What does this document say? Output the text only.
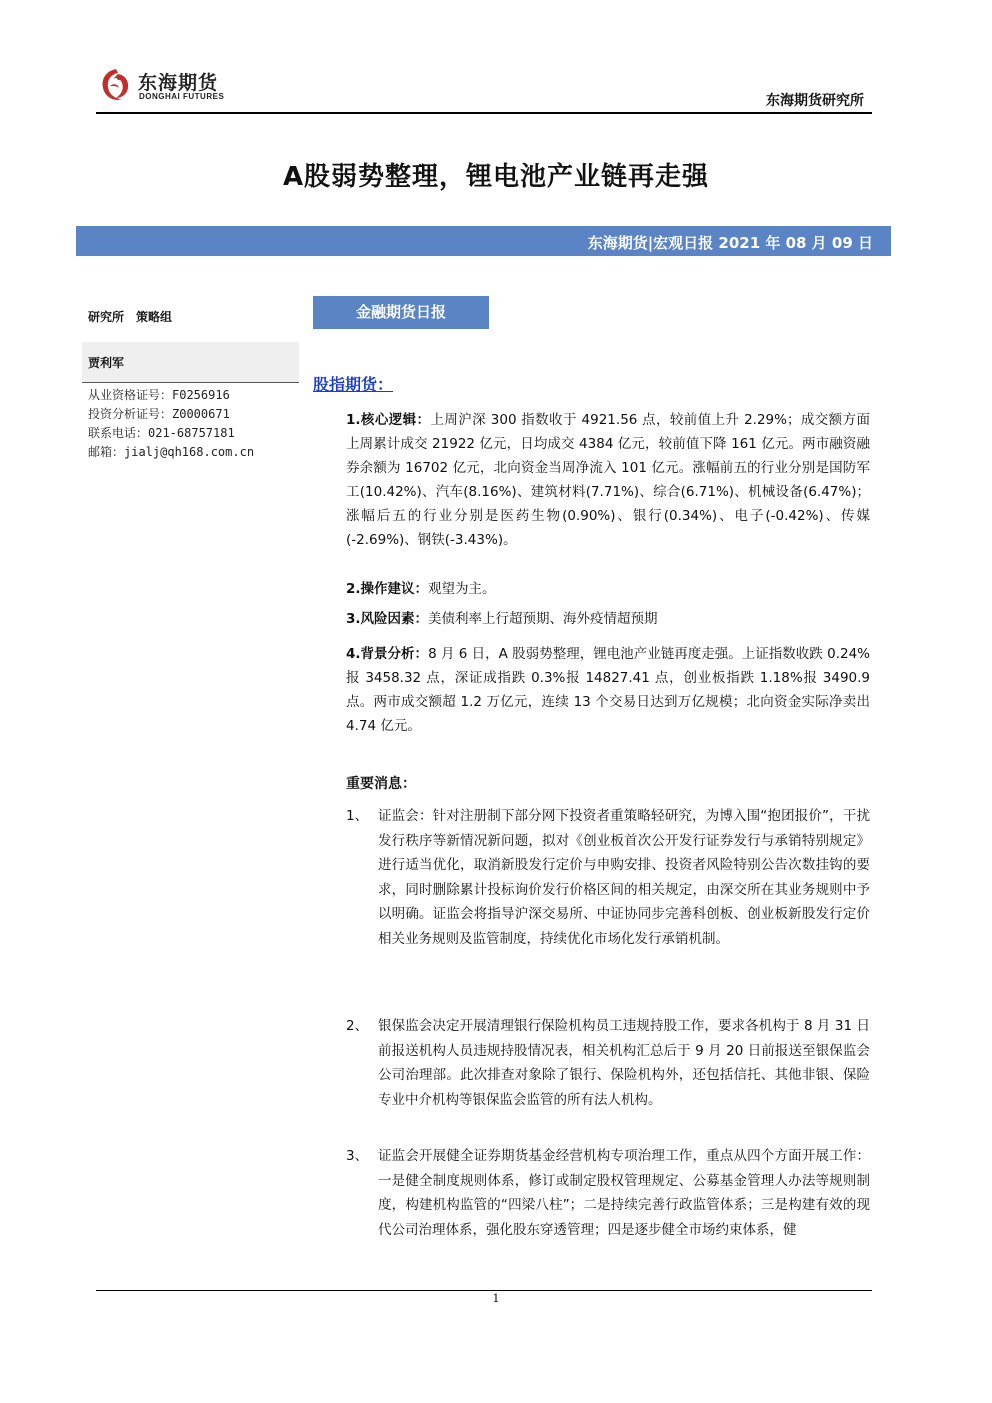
东海期货
DONGHAI FUTURES	东海期货研究所
A股弱势整理，锂电池产业链再走强
东海期货|宏观日报 2021 年 08 月 09 日
研究所　策略组
贾利军
从业资格证号：F0256916
投资分析证号：Z0000671
联系电话：021-68757181
邮箱：jialj@qh168.com.cn
金融期货日报
股指期货：
1.核心逻辑：上周沪深 300 指数收于 4921.56 点，较前值上升 2.29%；成交额方面上周累计成交 21922 亿元，日均成交 4384 亿元，较前值下降 161 亿元。两市融资融券余额为 16702 亿元，北向资金当周净流入 101 亿元。涨幅前五的行业分别是国防军工(10.42%)、汽车(8.16%)、建筑材料(7.71%)、综合(6.71%)、机械设备(6.47%)；涨幅后五的行业分别是医药生物(0.90%)、银行(0.34%)、电子(-0.42%)、传媒(-2.69%)、钢铁(-3.43%)。
2.操作建议：观望为主。
3.风险因素：美债利率上行超预期、海外疫情超预期
4.背景分析：8 月 6 日，A 股弱势整理，锂电池产业链再度走强。上证指数收跌 0.24%报 3458.32 点，深证成指跌 0.3%报 14827.41 点，创业板指跌 1.18%报 3490.9 点。两市成交额超 1.2 万亿元，连续 13 个交易日达到万亿规模；北向资金实际净卖出 4.74 亿元。
重要消息：
1、 证监会：针对注册制下部分网下投资者重策略轻研究，为博入围“抱团报价”，干扰发行秩序等新情况新问题，拟对《创业板首次公开发行证券发行与承销特别规定》进行适当优化，取消新股发行定价与申购安排、投资者风险特别公告次数挂钩的要求，同时删除累计投标询价发行价格区间的相关规定，由深交所在其业务规则中予以明确。证监会将指导沪深交易所、中证协同步完善科创板、创业板新股发行定价相关业务规则及监管制度，持续优化市场化发行承销机制。
2、 银保监会决定开展清理银行保险机构员工违规持股工作，要求各机构于 8 月 31 日前报送机构人员违规持股情况表，相关机构汇总后于 9 月 20 日前报送至银保监会公司治理部。此次排查对象除了银行、保险机构外，还包括信托、其他非银、保险专业中介机构等银保监会监管的所有法人机构。
3、 证监会开展健全证券期货基金经营机构专项治理工作，重点从四个方面开展工作：一是健全制度规则体系，修订或制定股权管理规定、公募基金管理人办法等规则制度，构建机构监管的“四梁八柱”；二是持续完善行政监管体系；三是构建有效的现代公司治理体系，强化股东穿透管理；四是逐步健全市场约束体系，健
1
